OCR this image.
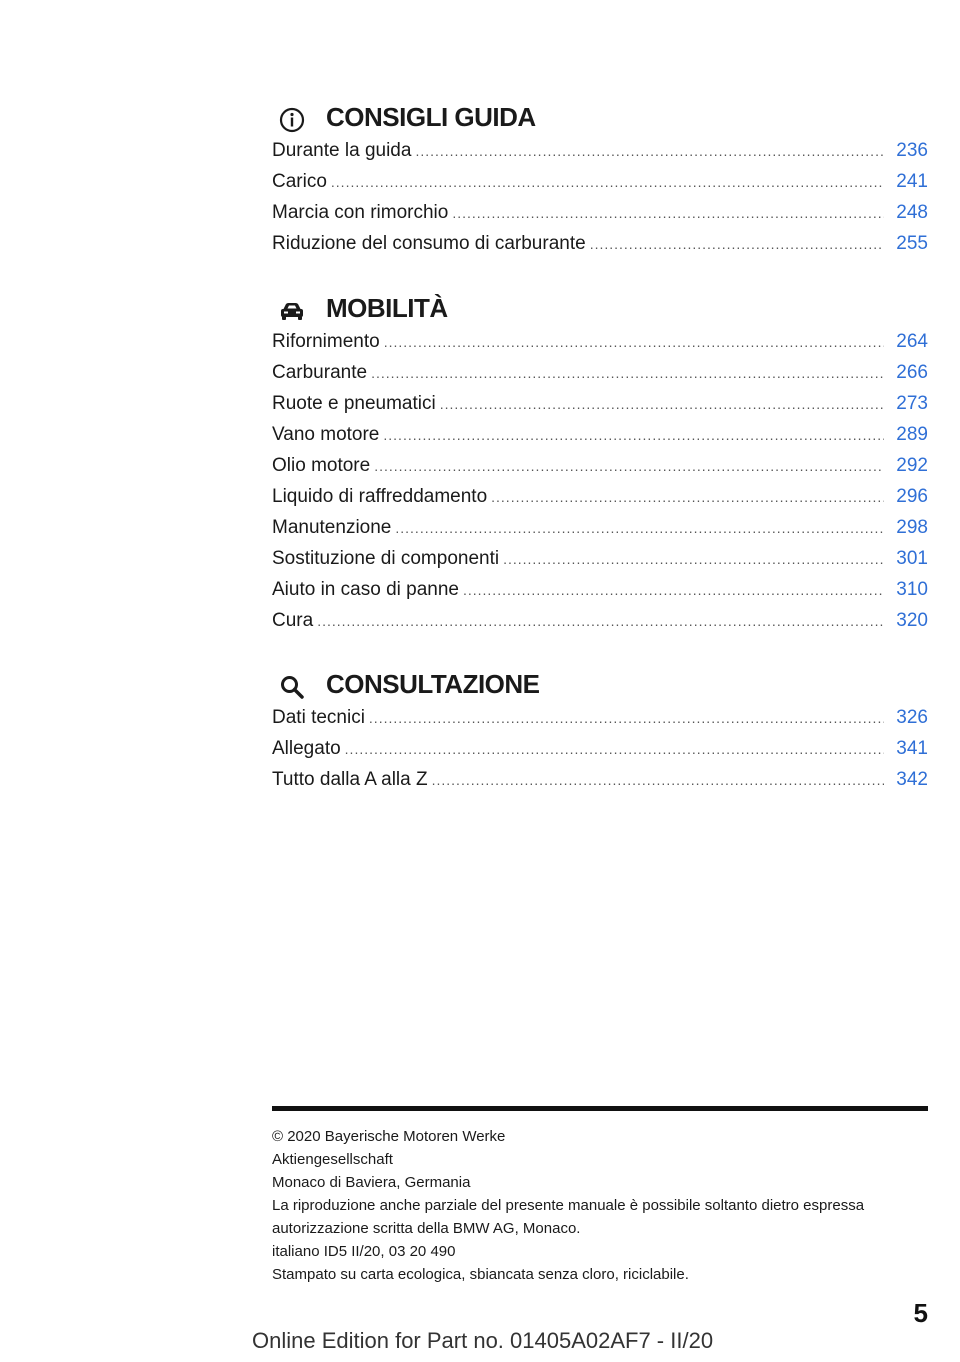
CONSIGLI GUIDA
Durante la guida .....	236
Carico .....	241
Marcia con rimorchio .....	248
Riduzione del consumo di carburante .....	255
MOBILITÀ
Rifornimento .....	264
Carburante .....	266
Ruote e pneumatici .....	273
Vano motore .....	289
Olio motore .....	292
Liquido di raffreddamento .....	296
Manutenzione .....	298
Sostituzione di componenti .....	301
Aiuto in caso di panne .....	310
Cura .....	320
CONSULTAZIONE
Dati tecnici .....	326
Allegato .....	341
Tutto dalla A alla Z .....	342
© 2020 Bayerische Motoren Werke
Aktiengesellschaft
Monaco di Baviera, Germania
La riproduzione anche parziale del presente manuale è possibile soltanto dietro espressa
autorizzazione scritta della BMW AG, Monaco.
italiano ID5 II/20, 03 20 490
Stampato su carta ecologica, sbiancata senza cloro, riciclabile.
5
Online Edition for Part no. 01405A02AF7 - II/20
